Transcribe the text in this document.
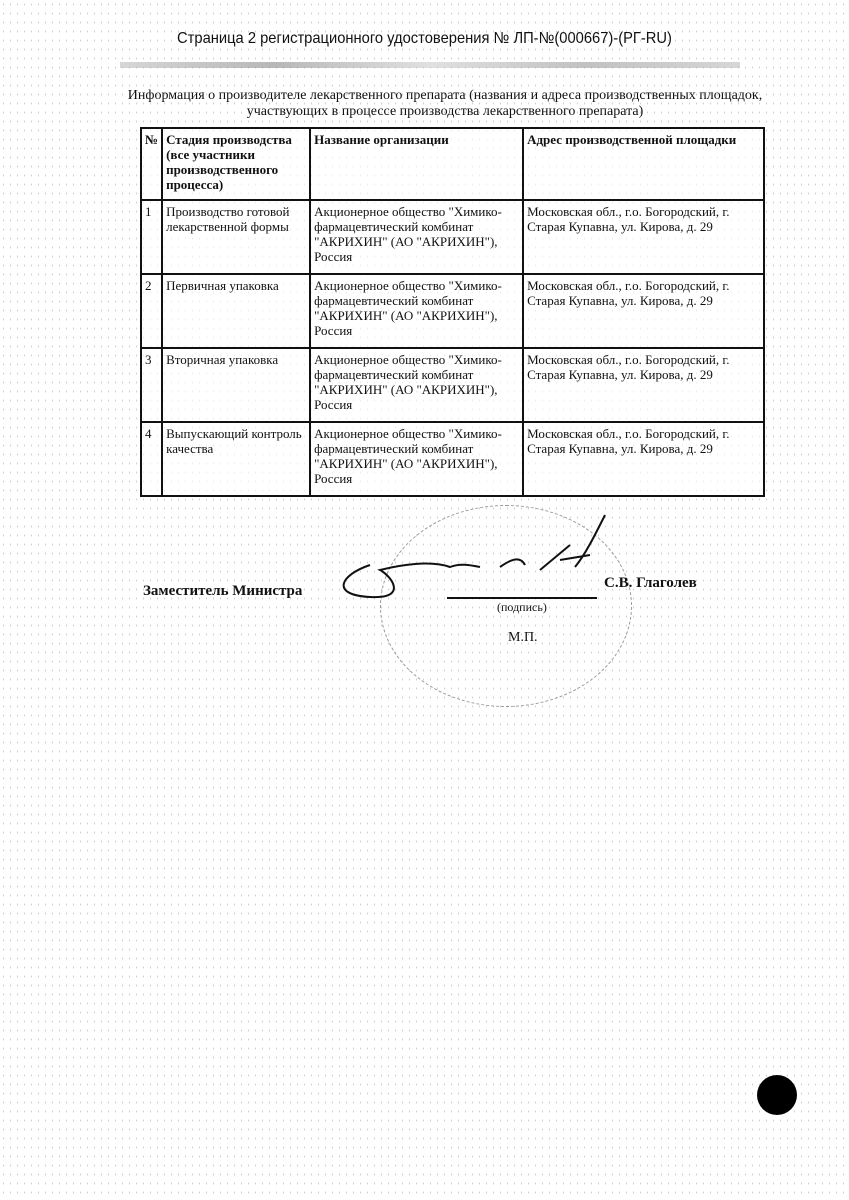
Страница 2 регистрационного удостоверения № ЛП-№(000667)-(РГ-RU)
Информация о производителе лекарственного препарата (названия и адреса производственных площадок, участвующих в процессе производства лекарственного препарата)
№	Стадия производства (все участники производственного процесса)	Название организации	Адрес производственной площадки
1	Производство готовой лекарственной формы	Акционерное общество "Химико-фармацевтический комбинат "АКРИХИН" (АО "АКРИХИН"), Россия	Московская обл., г.о. Богородский, г. Старая Купавна, ул. Кирова, д. 29
2	Первичная упаковка	Акционерное общество "Химико-фармацевтический комбинат "АКРИХИН" (АО "АКРИХИН"), Россия	Московская обл., г.о. Богородский, г. Старая Купавна, ул. Кирова, д. 29
3	Вторичная упаковка	Акционерное общество "Химико-фармацевтический комбинат "АКРИХИН" (АО "АКРИХИН"), Россия	Московская обл., г.о. Богородский, г. Старая Купавна, ул. Кирова, д. 29
4	Выпускающий контроль качества	Акционерное общество "Химико-фармацевтический комбинат "АКРИХИН" (АО "АКРИХИН"), Россия	Московская обл., г.о. Богородский, г. Старая Купавна, ул. Кирова, д. 29
Заместитель Министра	С.В. Глаголев
(подпись)
М.П.
